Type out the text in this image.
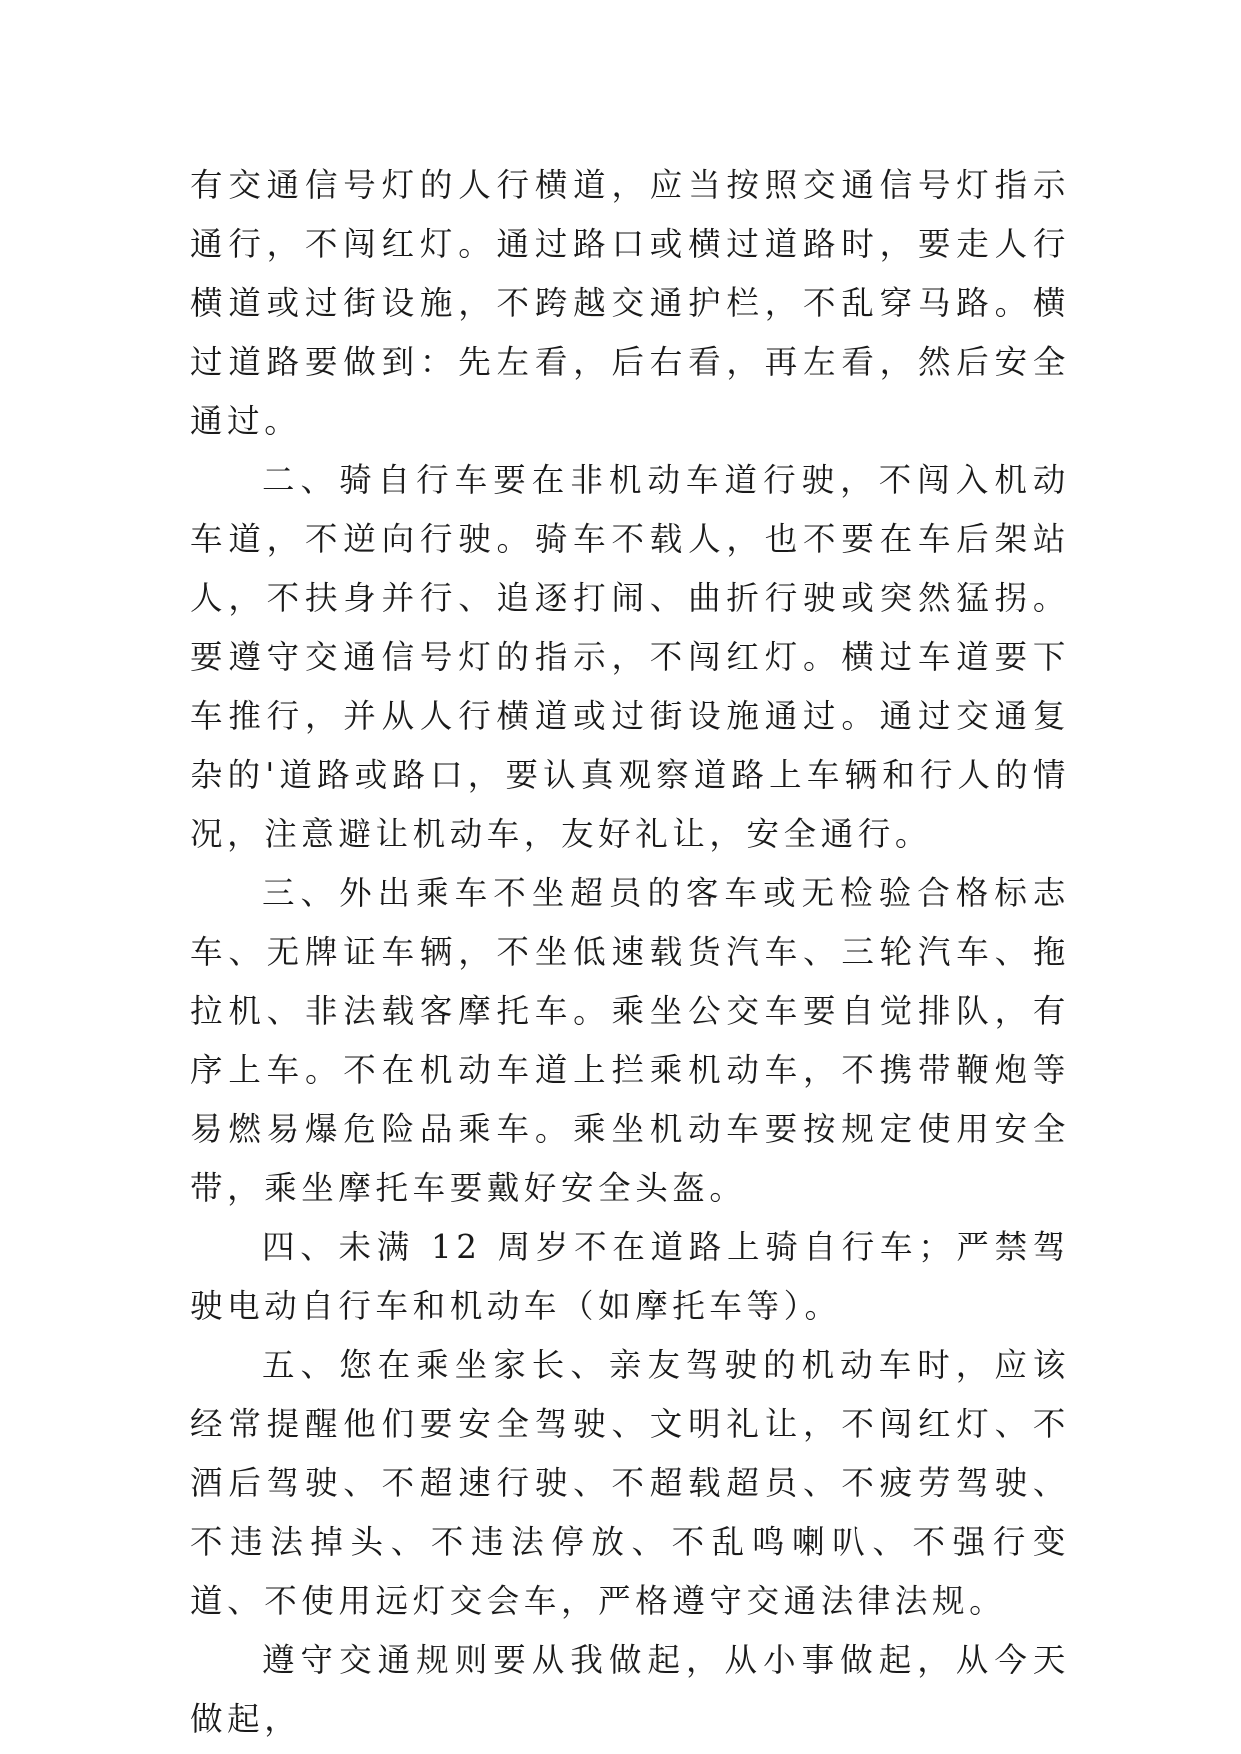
有交通信号灯的人行横道，应当按照交通信号灯指示通行，不闯红灯。通过路口或横过道路时，要走人行横道或过街设施，不跨越交通护栏，不乱穿马路。横过道路要做到：先左看，后右看，再左看，然后安全通过。

二、骑自行车要在非机动车道行驶，不闯入机动车道，不逆向行驶。骑车不载人，也不要在车后架站人，不扶身并行、追逐打闹、曲折行驶或突然猛拐。要遵守交通信号灯的指示，不闯红灯。横过车道要下车推行，并从人行横道或过街设施通过。通过交通复杂的'道路或路口，要认真观察道路上车辆和行人的情况，注意避让机动车，友好礼让，安全通行。

三、外出乘车不坐超员的客车或无检验合格标志车、无牌证车辆，不坐低速载货汽车、三轮汽车、拖拉机、非法载客摩托车。乘坐公交车要自觉排队，有序上车。不在机动车道上拦乘机动车，不携带鞭炮等易燃易爆危险品乘车。乘坐机动车要按规定使用安全带，乘坐摩托车要戴好安全头盔。

四、未满 12 周岁不在道路上骑自行车；严禁驾驶电动自行车和机动车（如摩托车等）。

五、您在乘坐家长、亲友驾驶的机动车时，应该经常提醒他们要安全驾驶、文明礼让，不闯红灯、不酒后驾驶、不超速行驶、不超载超员、不疲劳驾驶、不违法掉头、不违法停放、不乱鸣喇叭、不强行变道、不使用远灯交会车，严格遵守交通法律法规。

遵守交通规则要从我做起，从小事做起，从今天做起，
